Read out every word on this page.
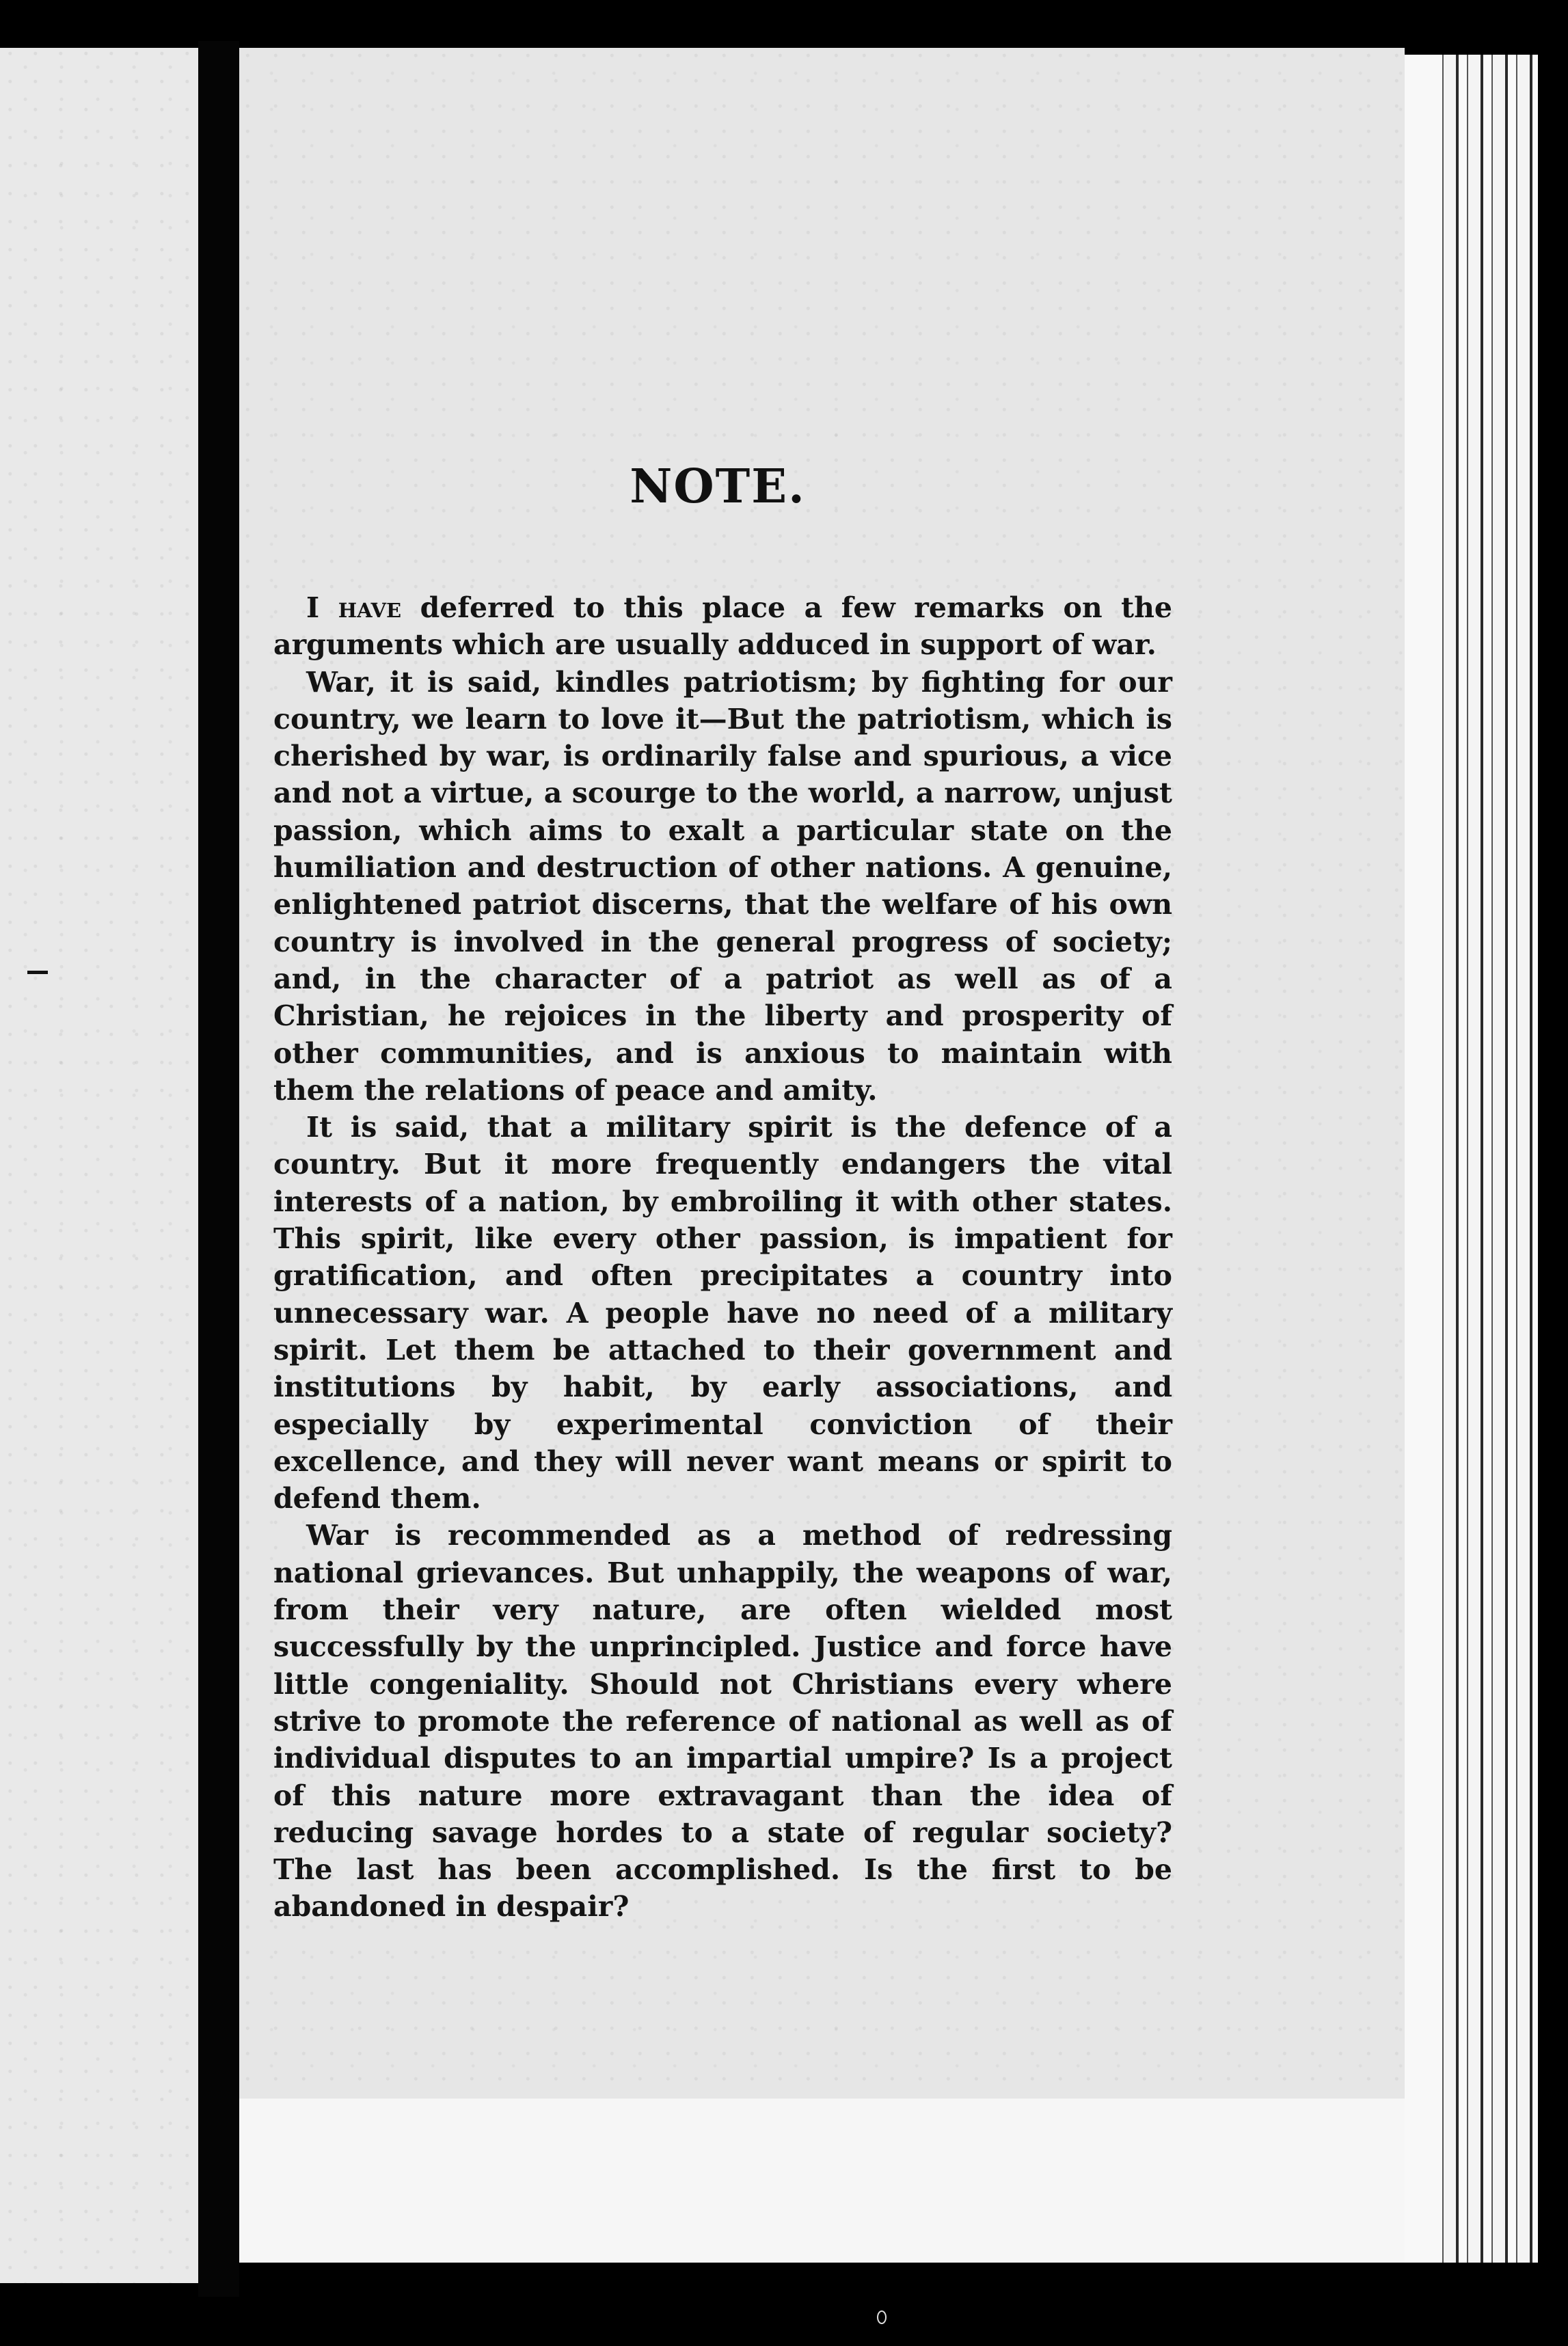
NOTE.

I have deferred to this place a few remarks on the arguments which are usually adduced in support of war.

War, it is said, kindles patriotism; by fighting for our country, we learn to love it—But the patriotism, which is cherished by war, is ordinarily false and spurious, a vice and not a virtue, a scourge to the world, a narrow, unjust passion, which aims to exalt a particular state on the humiliation and destruction of other nations. A genuine, enlightened patriot discerns, that the welfare of his own country is involved in the general progress of society; and, in the character of a patriot as well as of a Christian, he rejoices in the liberty and prosperity of other communities, and is anxious to maintain with them the relations of peace and amity.

It is said, that a military spirit is the defence of a country. But it more frequently endangers the vital interests of a nation, by embroiling it with other states. This spirit, like every other passion, is impatient for gratification, and often precipitates a country into unnecessary war. A people have no need of a military spirit. Let them be attached to their government and institutions by habit, by early associations, and especially by experimental conviction of their excellence, and they will never want means or spirit to defend them.

War is recommended as a method of redressing national grievances. But unhappily, the weapons of war, from their very nature, are often wielded most successfully by the unprincipled. Justice and force have little congeniality. Should not Christians every where strive to promote the reference of national as well as of individual disputes to an impartial umpire? Is a project of this nature more extravagant than the idea of reducing savage hordes to a state of regular society? The last has been accomplished. Is the first to be abandoned in despair?
